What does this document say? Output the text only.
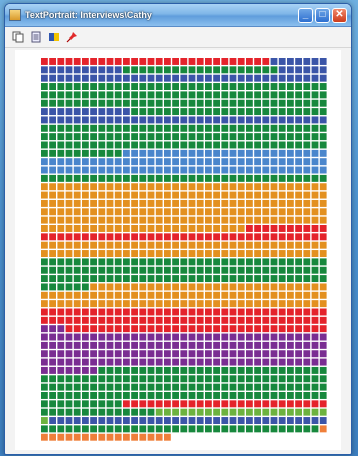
TextPortrait: Interviews\Cathy	_	□ ✕
